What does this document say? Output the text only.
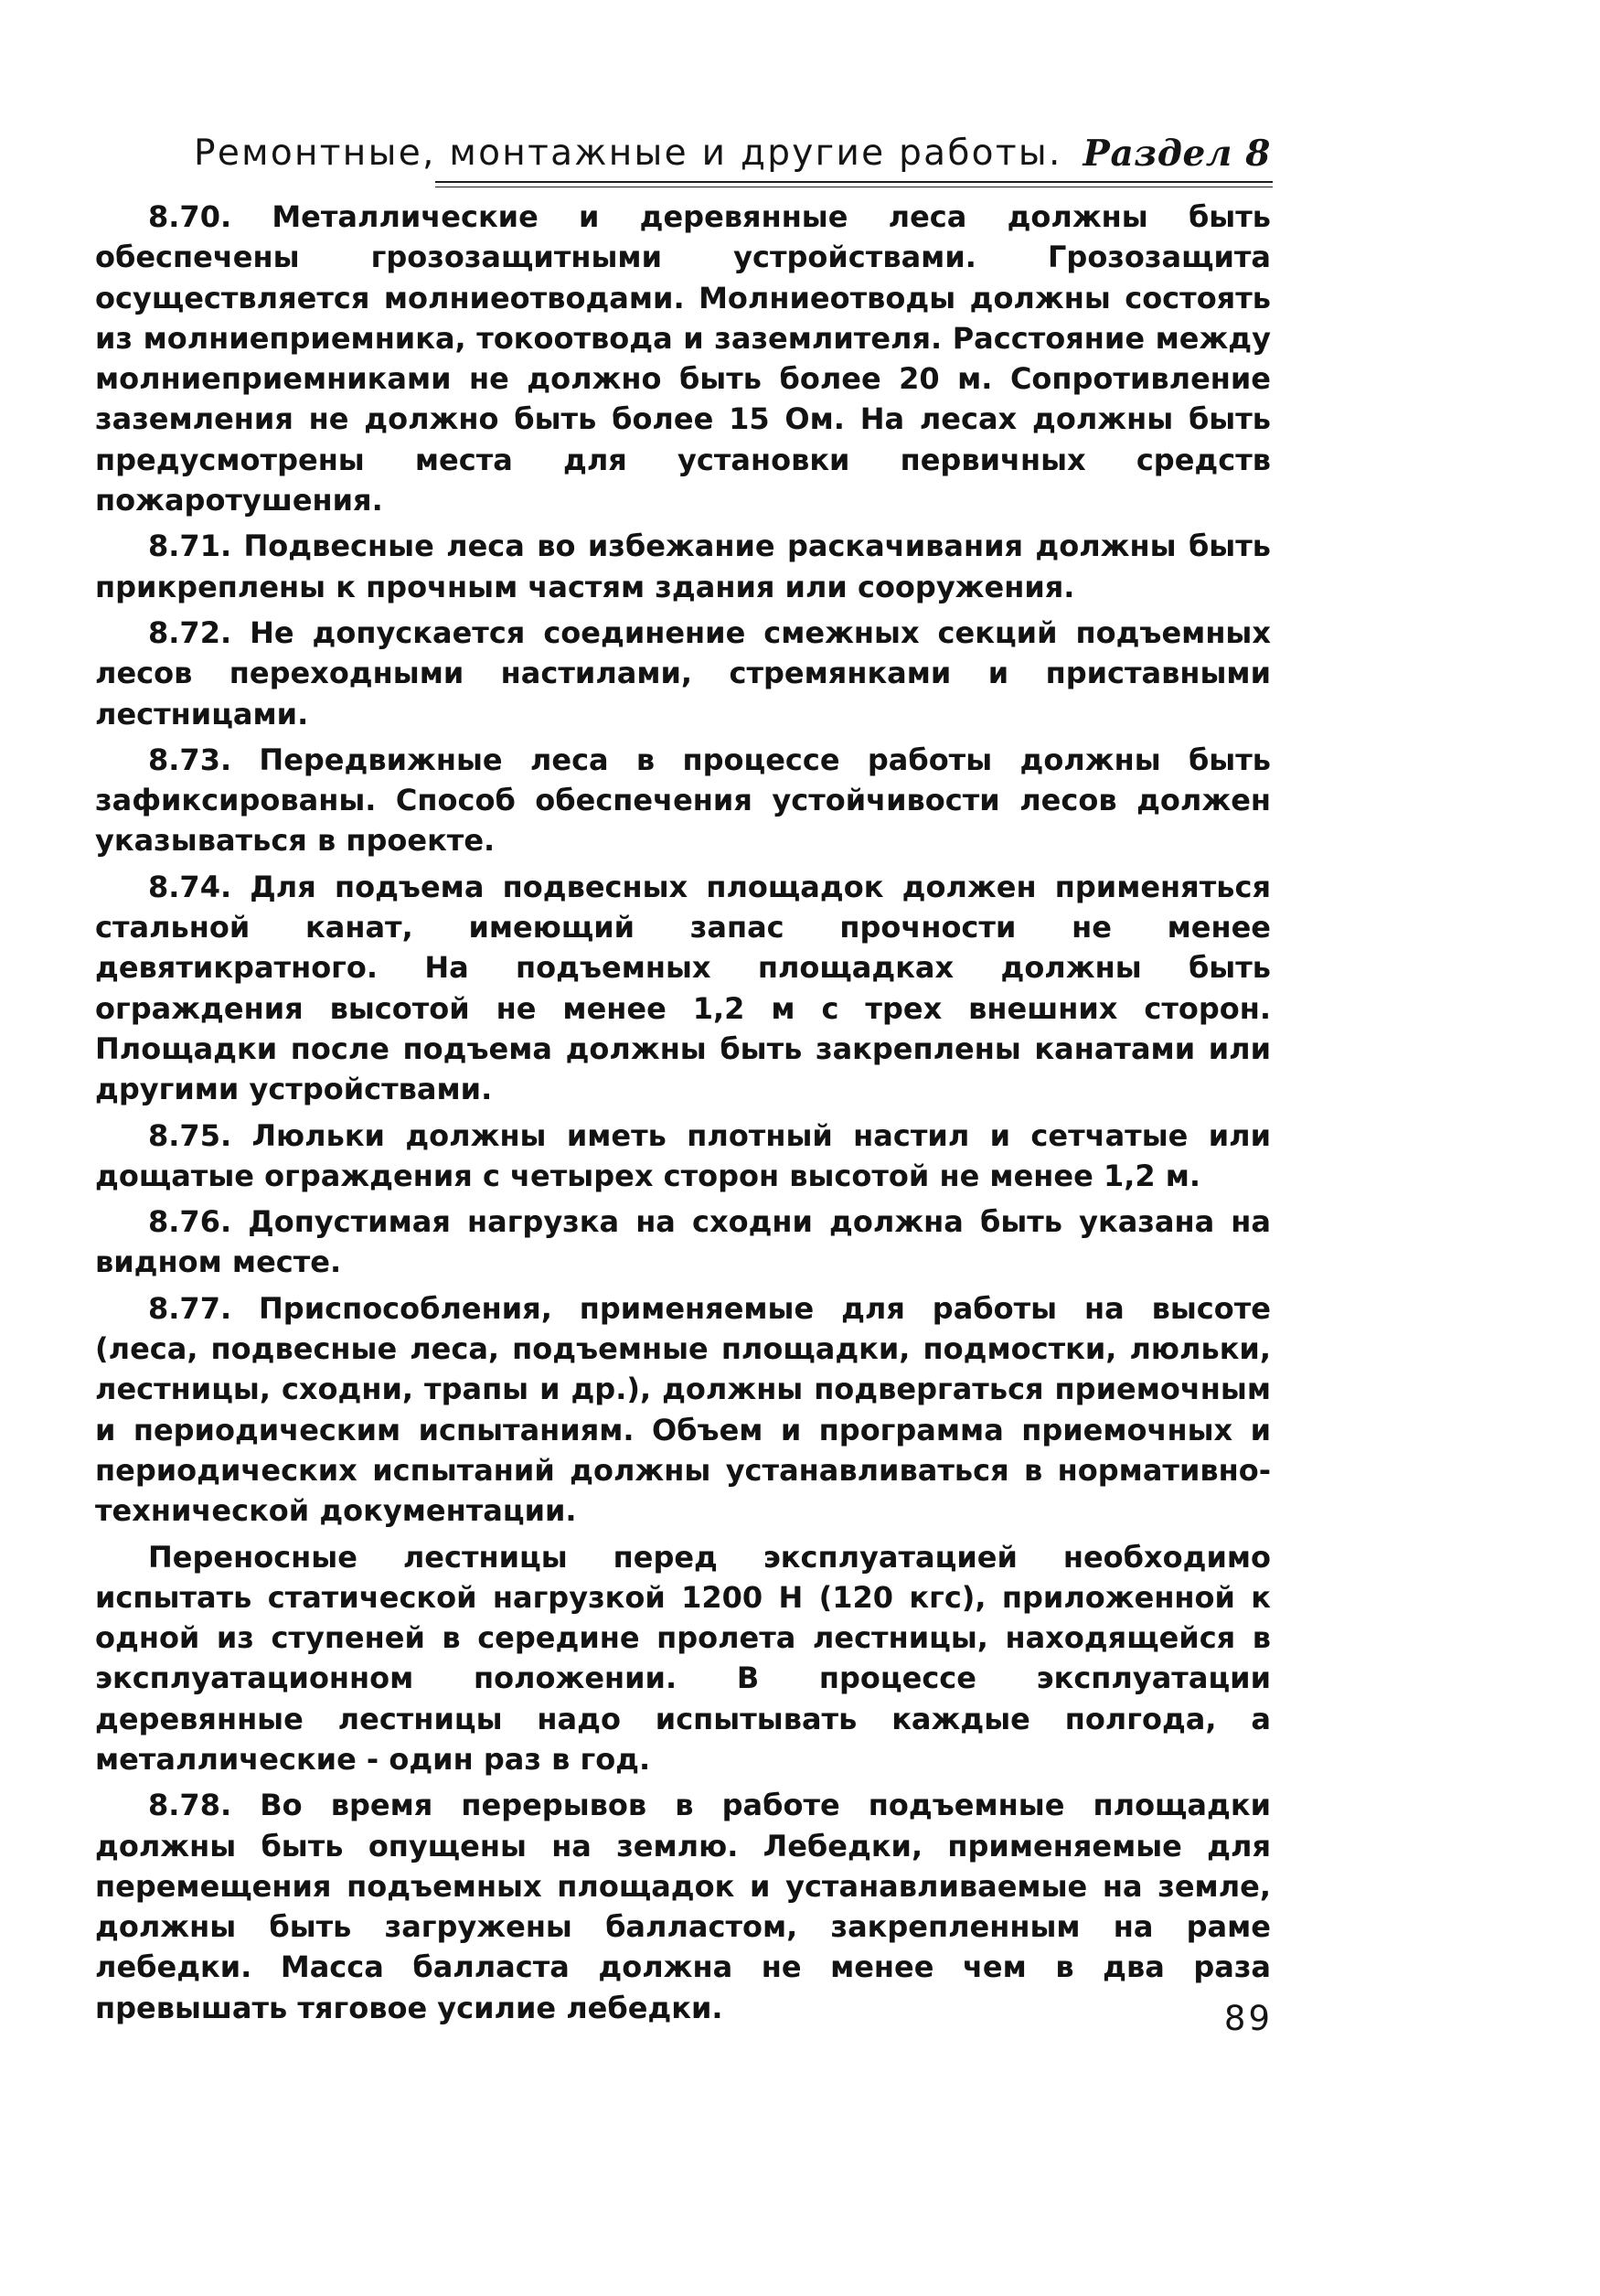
Ремонтные, монтажные и другие работы. Раздел 8

8.70. Металлические и деревянные леса должны быть обеспечены грозозащитными устройствами. Грозозащита осуществляется молниеотводами. Молниеотводы должны состоять из молниеприемника, токоотвода и заземлителя. Расстояние между молниеприемниками не должно быть более 20 м. Сопротивление заземления не должно быть более 15 Ом. На лесах должны быть предусмотрены места для установки первичных средств пожаротушения.

8.71. Подвесные леса во избежание раскачивания должны быть прикреплены к прочным частям здания или сооружения.

8.72. Не допускается соединение смежных секций подъемных лесов переходными настилами, стремянками и приставными лестницами.

8.73. Передвижные леса в процессе работы должны быть зафиксированы. Способ обеспечения устойчивости лесов должен указываться в проекте.

8.74. Для подъема подвесных площадок должен применяться стальной канат, имеющий запас прочности не менее девятикратного. На подъемных площадках должны быть ограждения высотой не менее 1,2 м с трех внешних сторон. Площадки после подъема должны быть закреплены канатами или другими устройствами.

8.75. Люльки должны иметь плотный настил и сетчатые или дощатые ограждения с четырех сторон высотой не менее 1,2 м.

8.76. Допустимая нагрузка на сходни должна быть указана на видном месте.

8.77. Приспособления, применяемые для работы на высоте (леса, подвесные леса, подъемные площадки, подмостки, люльки, лестницы, сходни, трапы и др.), должны подвергаться приемочным и периодическим испытаниям. Объем и программа приемочных и периодических испытаний должны устанавливаться в нормативно-технической документации.

Переносные лестницы перед эксплуатацией необходимо испытать статической нагрузкой 1200 Н (120 кгс), приложенной к одной из ступеней в середине пролета лестницы, находящейся в эксплуатационном положении. В процессе эксплуатации деревянные лестницы надо испытывать каждые полгода, а металлические - один раз в год.

8.78. Во время перерывов в работе подъемные площадки должны быть опущены на землю. Лебедки, применяемые для перемещения подъемных площадок и устанавливаемые на земле, должны быть загружены балластом, закрепленным на раме лебедки. Масса балласта должна не менее чем в два раза превышать тяговое усилие лебедки.	89
